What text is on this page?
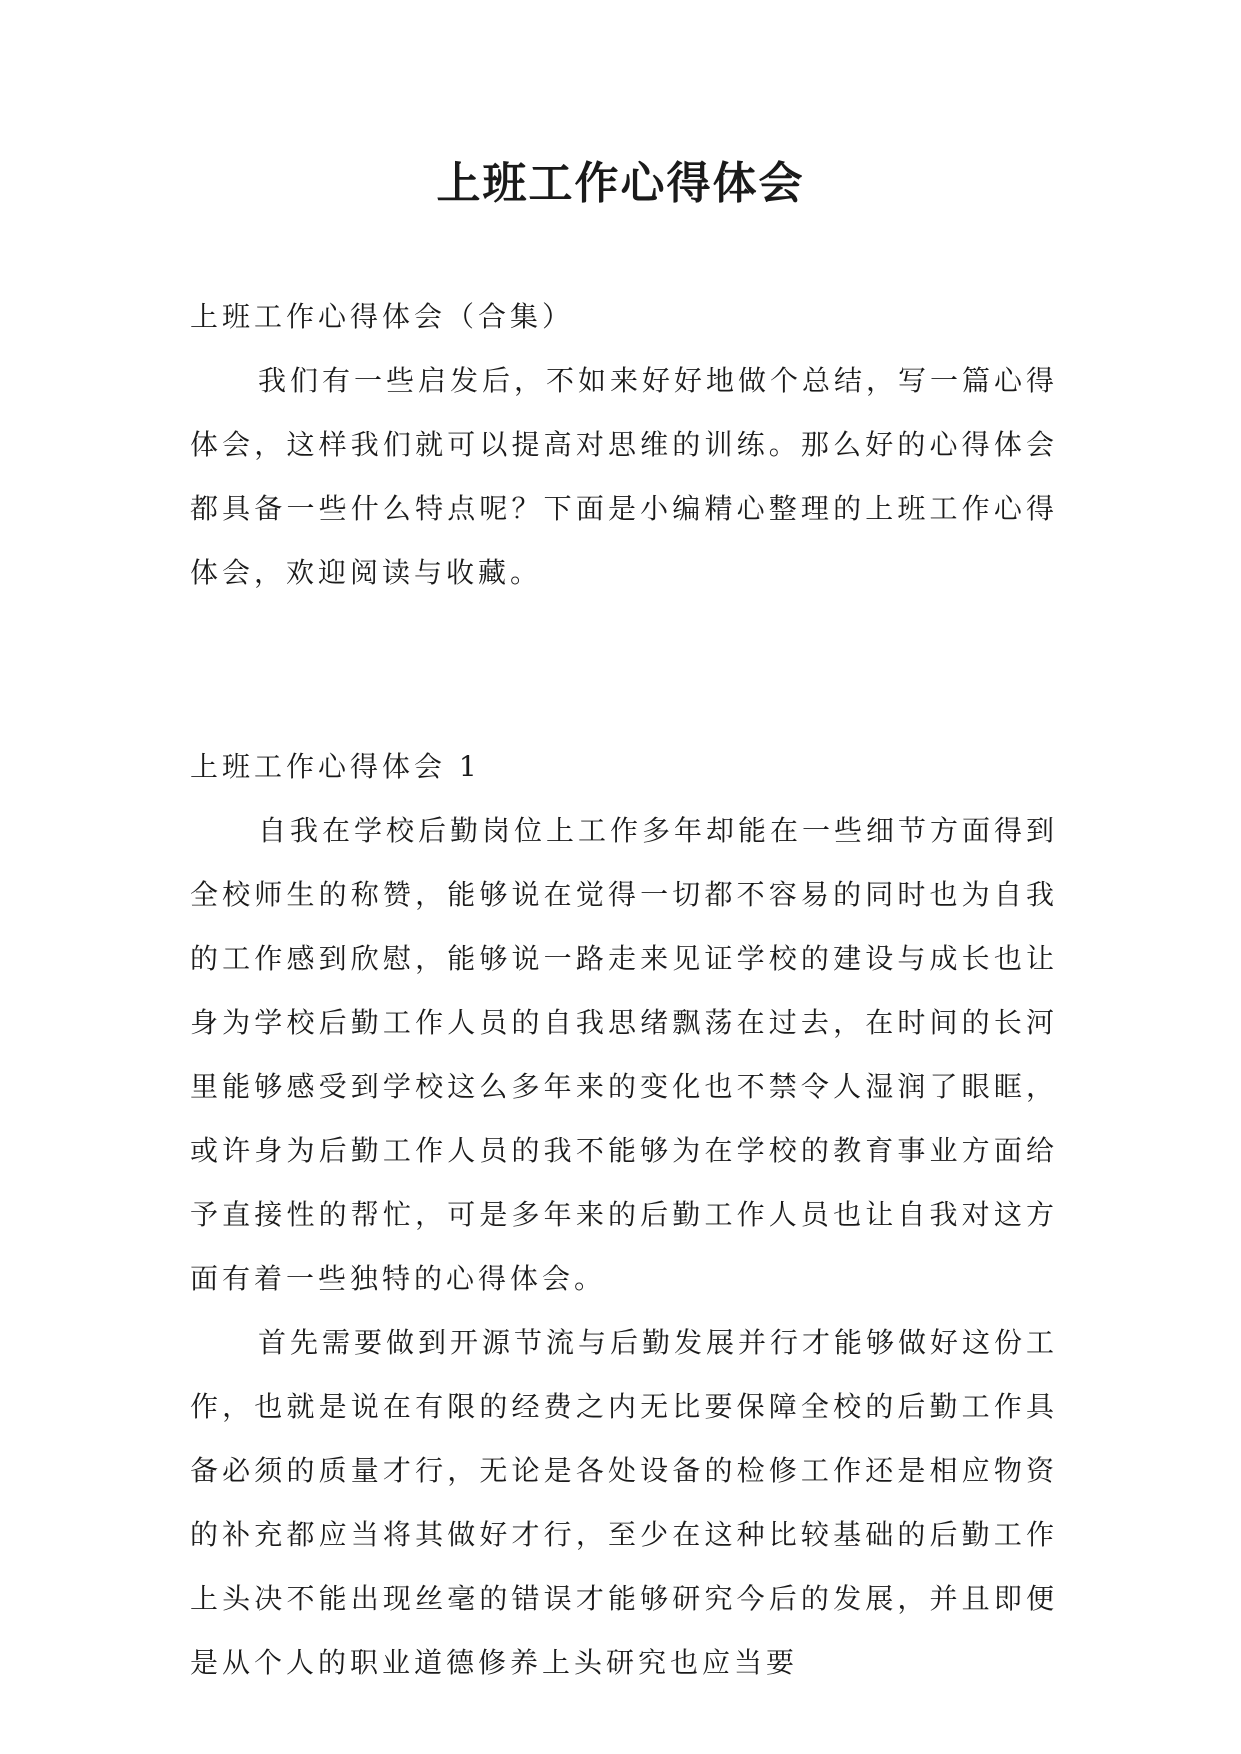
上班工作心得体会

上班工作心得体会（合集）

我们有一些启发后，不如来好好地做个总结，写一篇心得体会，这样我们就可以提高对思维的训练。那么好的心得体会都具备一些什么特点呢？下面是小编精心整理的上班工作心得体会，欢迎阅读与收藏。

上班工作心得体会 1

自我在学校后勤岗位上工作多年却能在一些细节方面得到全校师生的称赞，能够说在觉得一切都不容易的同时也为自我的工作感到欣慰，能够说一路走来见证学校的建设与成长也让身为学校后勤工作人员的自我思绪飘荡在过去，在时间的长河里能够感受到学校这么多年来的变化也不禁令人湿润了眼眶，或许身为后勤工作人员的我不能够为在学校的教育事业方面给予直接性的帮忙，可是多年来的后勤工作人员也让自我对这方面有着一些独特的心得体会。

首先需要做到开源节流与后勤发展并行才能够做好这份工作，也就是说在有限的经费之内无比要保障全校的后勤工作具备必须的质量才行，无论是各处设备的检修工作还是相应物资的补充都应当将其做好才行，至少在这种比较基础的后勤工作上头决不能出现丝毫的错误才能够研究今后的发展，并且即便是从个人的职业道德修养上头研究也应当要
